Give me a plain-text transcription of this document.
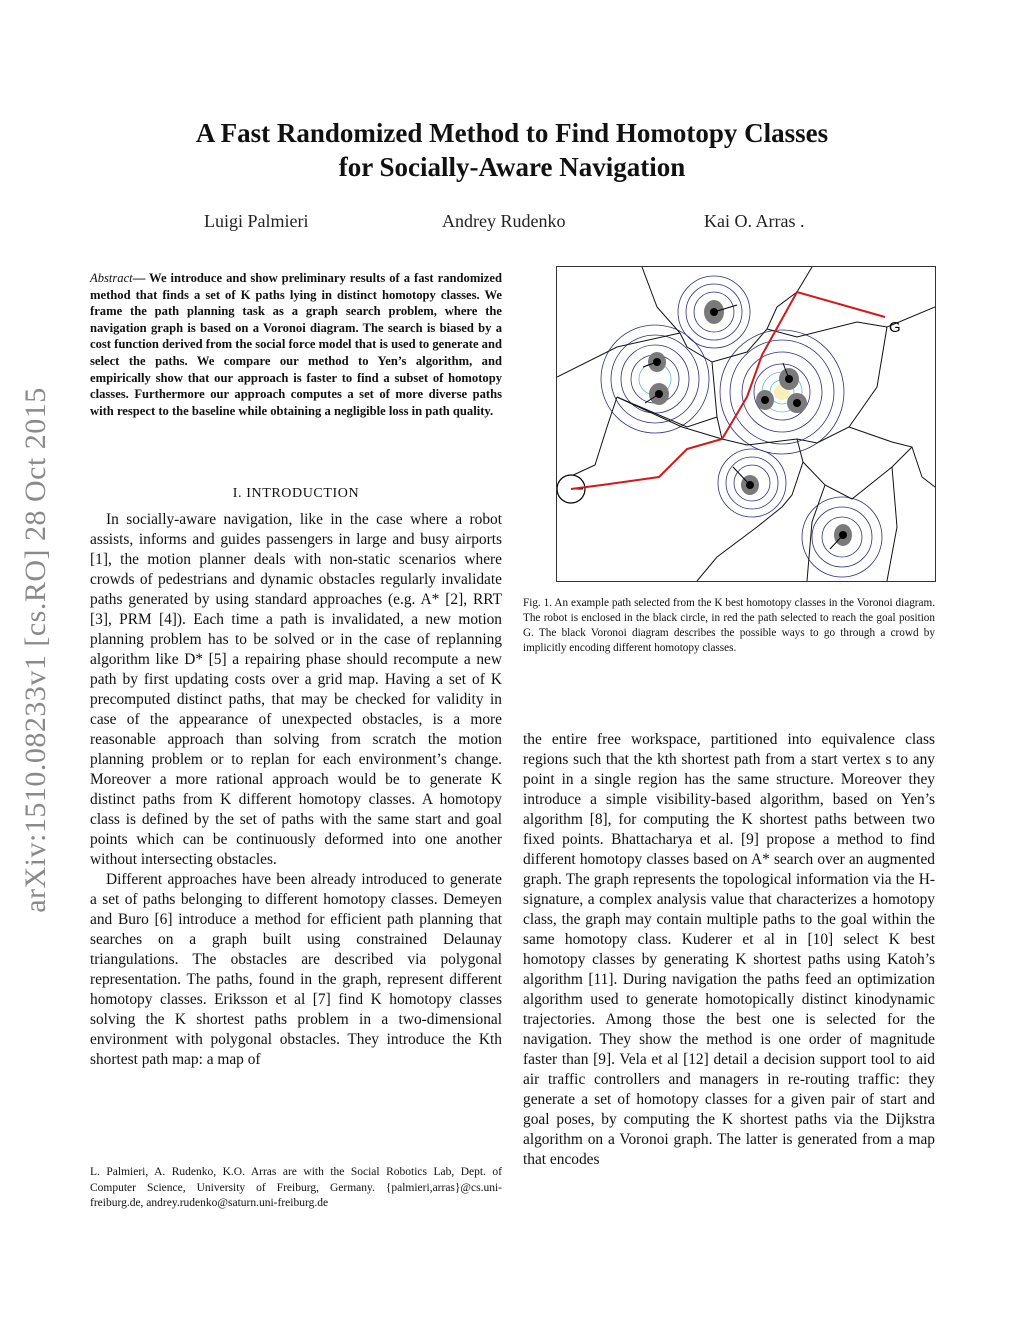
arXiv:1510.08233v1 [cs.RO] 28 Oct 2015
A Fast Randomized Method to Find Homotopy Classes
for Socially-Aware Navigation
Luigi Palmieri	Andrey Rudenko	Kai O. Arras .
Abstract— We introduce and show preliminary results of a fast randomized method that finds a set of K paths lying in distinct homotopy classes. We frame the path planning task as a graph search problem, where the navigation graph is based on a Voronoi diagram. The search is biased by a cost function derived from the social force model that is used to generate and select the paths. We compare our method to Yen’s algorithm, and empirically show that our approach is faster to find a subset of homotopy classes. Furthermore our approach computes a set of more diverse paths with respect to the baseline while obtaining a negligible loss in path quality.
I. INTRODUCTION

In socially-aware navigation, like in the case where a robot assists, informs and guides passengers in large and busy airports [1], the motion planner deals with non-static scenarios where crowds of pedestrians and dynamic obstacles regularly invalidate paths generated by using standard approaches (e.g. A* [2], RRT [3], PRM [4]). Each time a path is invalidated, a new motion planning problem has to be solved or in the case of replanning algorithm like D* [5] a repairing phase should recompute a new path by first updating costs over a grid map. Having a set of K precomputed distinct paths, that may be checked for validity in case of the appearance of unexpected obstacles, is a more reasonable approach than solving from scratch the motion planning problem or to replan for each environment’s change. Moreover a more rational approach would be to generate K distinct paths from K different homotopy classes. A homotopy class is defined by the set of paths with the same start and goal points which can be continuously deformed into one another without intersecting obstacles.

Different approaches have been already introduced to generate a set of paths belonging to different homotopy classes. Demeyen and Buro [6] introduce a method for efficient path planning that searches on a graph built using constrained Delaunay triangulations. The obstacles are described via polygonal representation. The paths, found in the graph, represent different homotopy classes. Eriksson et al [7] find K homotopy classes solving the K shortest paths problem in a two-dimensional environment with polygonal obstacles. They introduce the Kth shortest path map: a map of

L. Palmieri, A. Rudenko, K.O. Arras are with the Social Robotics Lab, Dept. of Computer Science, University of Freiburg, Germany. {palmieri,arras}@cs.uni-freiburg.de, andrey.rudenko@saturn.uni-freiburg.de
G
Fig. 1. An example path selected from the K best homotopy classes in the Voronoi diagram. The robot is enclosed in the black circle, in red the path selected to reach the goal position G. The black Voronoi diagram describes the possible ways to go through a crowd by implicitly encoding different homotopy classes.

the entire free workspace, partitioned into equivalence class regions such that the kth shortest path from a start vertex s to any point in a single region has the same structure. Moreover they introduce a simple visibility-based algorithm, based on Yen’s algorithm [8], for computing the K shortest paths between two fixed points. Bhattacharya et al. [9] propose a method to find different homotopy classes based on A* search over an augmented graph. The graph represents the topological information via the H-signature, a complex analysis value that characterizes a homotopy class, the graph may contain multiple paths to the goal within the same homotopy class. Kuderer et al in [10] select K best homotopy classes by generating K shortest paths using Katoh’s algorithm [11]. During navigation the paths feed an optimization algorithm used to generate homotopically distinct kinodynamic trajectories. Among those the best one is selected for the navigation. They show the method is one order of magnitude faster than [9]. Vela et al [12] detail a decision support tool to aid air traffic controllers and managers in re-routing traffic: they generate a set of homotopy classes for a given pair of start and goal poses, by computing the K shortest paths via the Dijkstra algorithm on a Voronoi graph. The latter is generated from a map that encodes
